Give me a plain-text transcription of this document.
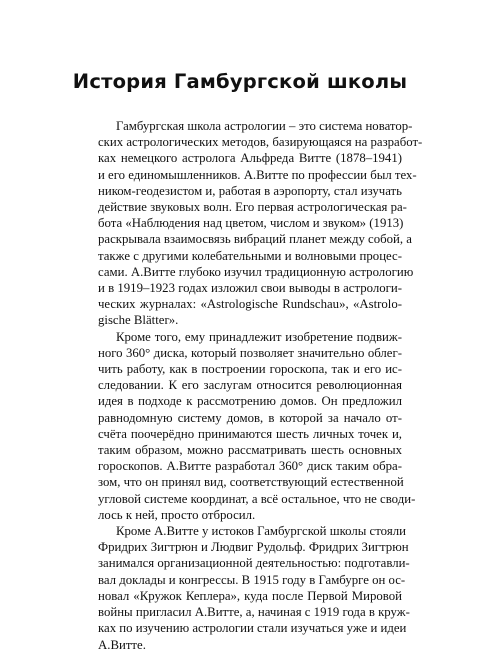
История Гамбургской школы

Гамбургская школа астрологии – это система новатор-
ских астрологических методов, базирующаяся на разработ-
ках немецкого астролога Альфреда Витте (1878–1941)
и его единомышленников. А.Витте по профессии был тех-
ником-геодезистом и, работая в аэропорту, стал изучать
действие звуковых волн. Его первая астрологическая ра-
бота «Наблюдения над цветом, числом и звуком» (1913)
раскрывала взаимосвязь вибраций планет между собой, а
также с другими колебательными и волновыми процес-
сами. А.Витте глубоко изучил традиционную астрологию
и в 1919–1923 годах изложил свои выводы в астрологи-
ческих журналах: «Astrologische Rundschau», «Astrolo-
gische Blätter».

Кроме того, ему принадлежит изобретение подвиж-
ного 360° диска, который позволяет значительно облег-
чить работу, как в построении гороскопа, так и его ис-
следовании. К его заслугам относится революционная
идея в подходе к рассмотрению домов. Он предложил
равнодомную систему домов, в которой за начало от-
счёта поочерёдно принимаются шесть личных точек и,
таким образом, можно рассматривать шесть основных
гороскопов. А.Витте разработал 360° диск таким обра-
зом, что он принял вид, соответствующий естественной
угловой системе координат, а всё остальное, что не своди-
лось к ней, просто отбросил.

Кроме А.Витте у истоков Гамбургской школы стояли
Фридрих Зигтрюн и Людвиг Рудольф. Фридрих Зигтрюн
занимался организационной деятельностью: подготавли-
вал доклады и конгрессы. В 1915 году в Гамбурге он ос-
новал «Кружок Кеплера», куда после Первой Мировой
войны пригласил А.Витте, а, начиная с 1919 года в круж-
ках по изучению астрологии стали изучаться уже и идеи
А.Витте.
